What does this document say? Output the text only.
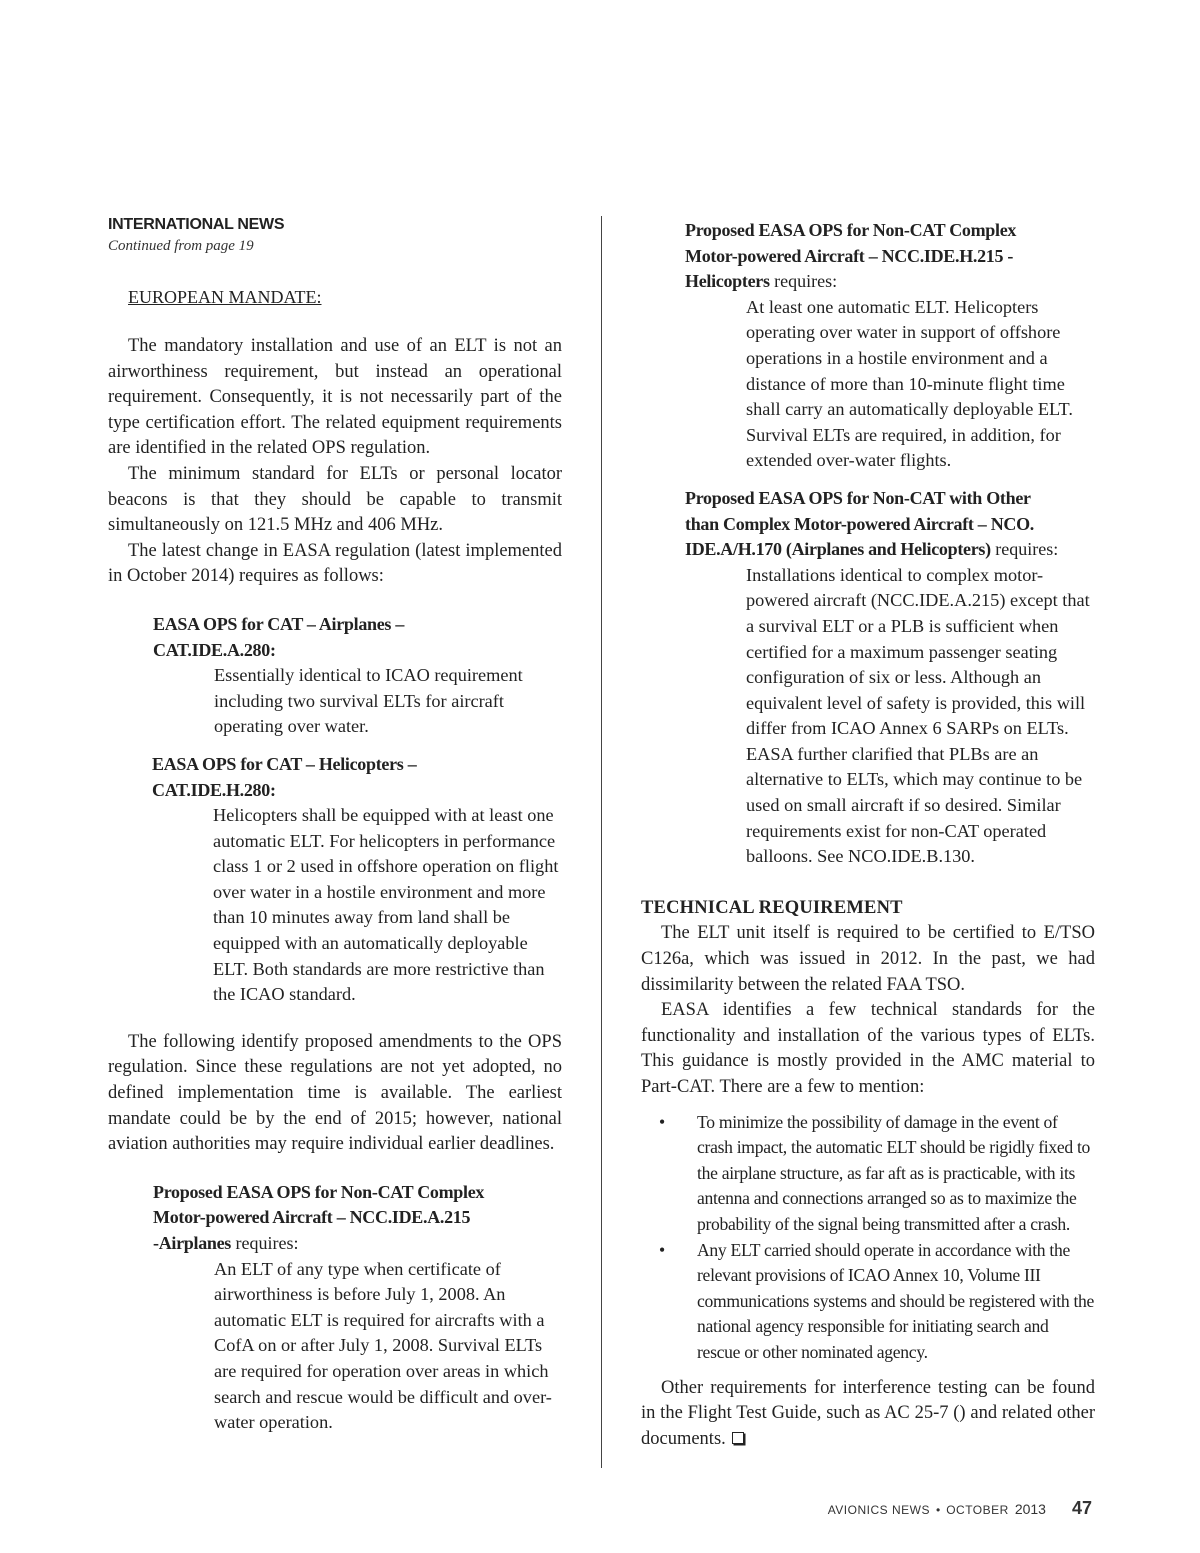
INTERNATIONAL NEWS
Continued from page 19

EUROPEAN MANDATE:

The mandatory installation and use of an ELT is not an airworthiness requirement, but instead an operational requirement. Consequently, it is not necessarily part of the type certification effort. The related equipment requirements are identified in the related OPS regulation.

The minimum standard for ELTs or personal locator beacons is that they should be capable to transmit simultaneously on 121.5 MHz and 406 MHz.

The latest change in EASA regulation (latest implemented in October 2014) requires as follows:

EASA OPS for CAT – Airplanes –
CAT.IDE.A.280:

Essentially identical to ICAO requirement including two survival ELTs for aircraft operating over water.

EASA OPS for CAT – Helicopters –
CAT.IDE.H.280:

Helicopters shall be equipped with at least one automatic ELT. For helicopters in performance class 1 or 2 used in offshore operation on flight over water in a hostile environment and more than 10 minutes away from land shall be equipped with an automatically deployable ELT. Both standards are more restrictive than the ICAO standard.

The following identify proposed amendments to the OPS regulation. Since these regulations are not yet adopted, no defined implementation time is available. The earliest mandate could be by the end of 2015; however, national aviation authorities may require individual earlier deadlines.

Proposed EASA OPS for Non-CAT Complex
Motor-powered Aircraft – NCC.IDE.A.215
-Airplanes requires:

An ELT of any type when certificate of airworthiness is before July 1, 2008. An automatic ELT is required for aircrafts with a CofA on or after July 1, 2008. Survival ELTs are required for operation over areas in which search and rescue would be difficult and over-water operation.

Proposed EASA OPS for Non-CAT Complex
Motor-powered Aircraft – NCC.IDE.H.215 -
Helicopters requires:

At least one automatic ELT. Helicopters operating over water in support of offshore operations in a hostile environment and a distance of more than 10-minute flight time shall carry an automatically deployable ELT. Survival ELTs are required, in addition, for extended over-water flights.

Proposed EASA OPS for Non-CAT with Other
than Complex Motor-powered Aircraft – NCO.
IDE.A/H.170 (Airplanes and Helicopters) requires:

Installations identical to complex motor-powered aircraft (NCC.IDE.A.215) except that a survival ELT or a PLB is sufficient when certified for a maximum passenger seating configuration of six or less. Although an equivalent level of safety is provided, this will differ from ICAO Annex 6 SARPs on ELTs. EASA further clarified that PLBs are an alternative to ELTs, which may continue to be used on small aircraft if so desired. Similar requirements exist for non-CAT operated balloons. See NCO.IDE.B.130.

TECHNICAL REQUIREMENT

The ELT unit itself is required to be certified to E/TSO C126a, which was issued in 2012. In the past, we had dissimilarity between the related FAA TSO.

EASA identifies a few technical standards for the functionality and installation of the various types of ELTs. This guidance is mostly provided in the AMC material to Part-CAT. There are a few to mention:

• To minimize the possibility of damage in the event of crash impact, the automatic ELT should be rigidly fixed to the airplane structure, as far aft as is practicable, with its antenna and connections arranged so as to maximize the probability of the signal being transmitted after a crash.
• Any ELT carried should operate in accordance with the relevant provisions of ICAO Annex 10, Volume III communications systems and should be registered with the national agency responsible for initiating search and rescue or other nominated agency.

Other requirements for interference testing can be found in the Flight Test Guide, such as AC 25-7 () and related other documents.

AVIONICS NEWS • OCTOBER 2013 47
